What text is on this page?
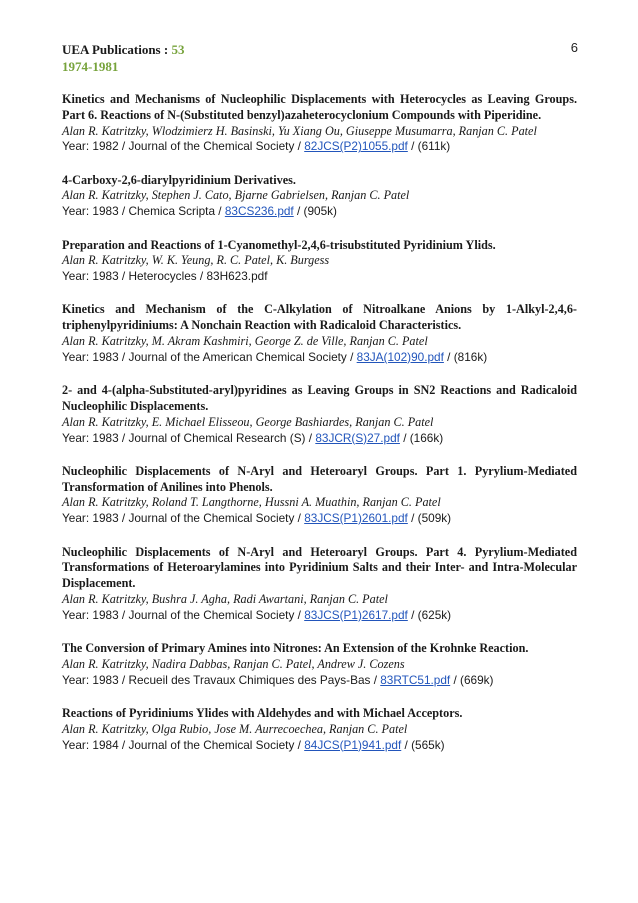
6
UEA Publications : 53
1974-1981
Kinetics and Mechanisms of Nucleophilic Displacements with Heterocycles as Leaving Groups. Part 6. Reactions of N-(Substituted benzyl)azaheterocyclonium Compounds with Piperidine.
Alan R. Katritzky, Wlodzimierz H. Basinski, Yu Xiang Ou, Giuseppe Musumarra, Ranjan C. Patel
Year: 1982 / Journal of the Chemical Society / 82JCS(P2)1055.pdf / (611k)
4-Carboxy-2,6-diarylpyridinium Derivatives.
Alan R. Katritzky, Stephen J. Cato, Bjarne Gabrielsen, Ranjan C. Patel
Year: 1983 / Chemica Scripta / 83CS236.pdf / (905k)
Preparation and Reactions of 1-Cyanomethyl-2,4,6-trisubstituted Pyridinium Ylids.
Alan R. Katritzky, W. K. Yeung, R. C. Patel, K. Burgess
Year: 1983 / Heterocycles / 83H623.pdf
Kinetics and Mechanism of the C-Alkylation of Nitroalkane Anions by 1-Alkyl-2,4,6-triphenylpyridiniums: A Nonchain Reaction with Radicaloid Characteristics.
Alan R. Katritzky, M. Akram Kashmiri, George Z. de Ville, Ranjan C. Patel
Year: 1983 / Journal of the American Chemical Society / 83JA(102)90.pdf / (816k)
2- and 4-(alpha-Substituted-aryl)pyridines as Leaving Groups in SN2 Reactions and Radicaloid Nucleophilic Displacements.
Alan R. Katritzky, E. Michael Elisseou, George Bashiardes, Ranjan C. Patel
Year: 1983 / Journal of Chemical Research (S) / 83JCR(S)27.pdf / (166k)
Nucleophilic Displacements of N-Aryl and Heteroaryl Groups. Part 1. Pyrylium-Mediated Transformation of Anilines into Phenols.
Alan R. Katritzky, Roland T. Langthorne, Hussni A. Muathin, Ranjan C. Patel
Year: 1983 / Journal of the Chemical Society / 83JCS(P1)2601.pdf / (509k)
Nucleophilic Displacements of N-Aryl and Heteroaryl Groups. Part 4. Pyrylium-Mediated Transformations of Heteroarylamines into Pyridinium Salts and their Inter- and Intra-Molecular Displacement.
Alan R. Katritzky, Bushra J. Agha, Radi Awartani, Ranjan C. Patel
Year: 1983 / Journal of the Chemical Society / 83JCS(P1)2617.pdf / (625k)
The Conversion of Primary Amines into Nitrones: An Extension of the Krohnke Reaction.
Alan R. Katritzky, Nadira Dabbas, Ranjan C. Patel, Andrew J. Cozens
Year: 1983 / Recueil des Travaux Chimiques des Pays-Bas / 83RTC51.pdf / (669k)
Reactions of Pyridiniums Ylides with Aldehydes and with Michael Acceptors.
Alan R. Katritzky, Olga Rubio, Jose M. Aurrecoechea, Ranjan C. Patel
Year: 1984 / Journal of the Chemical Society / 84JCS(P1)941.pdf / (565k)
